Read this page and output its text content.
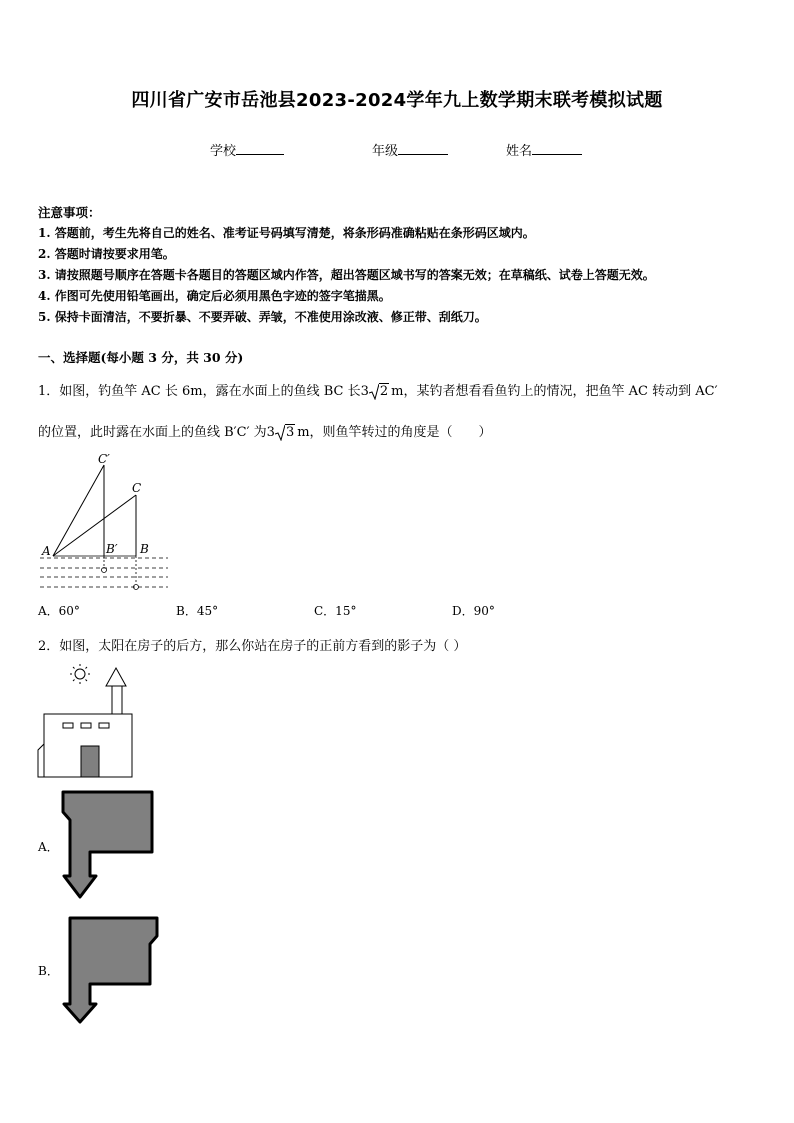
四川省广安市岳池县2023-2024学年九上数学期末联考模拟试题
学校	年级	姓名
注意事项：
1. 答题前，考生先将自己的姓名、准考证号码填写清楚，将条形码准确粘贴在条形码区域内。
2. 答题时请按要求用笔。
3. 请按照题号顺序在答题卡各题目的答题区域内作答，超出答题区域书写的答案无效；在草稿纸、试卷上答题无效。
4. 作图可先使用铅笔画出，确定后必须用黑色字迹的签字笔描黑。
5. 保持卡面清洁，不要折暴、不要弄破、弄皱，不准使用涂改液、修正带、刮纸刀。
一、选择题(每小题 3 分，共 30 分)
1．如图，钓鱼竿 AC 长 6m，露在水面上的鱼线 BC 长3 2 m，某钓者想看看鱼钓上的情况，把鱼竿 AC 转动到 AC′
的位置，此时露在水面上的鱼线 B′C′ 为3 3 m，则鱼竿转过的角度是（　　）
A	B′ B
C
C′
A．60°	B．45°	C．15°	D．90°
2．如图，太阳在房子的后方，那么你站在房子的正前方看到的影子为（ ）
A．
B．
